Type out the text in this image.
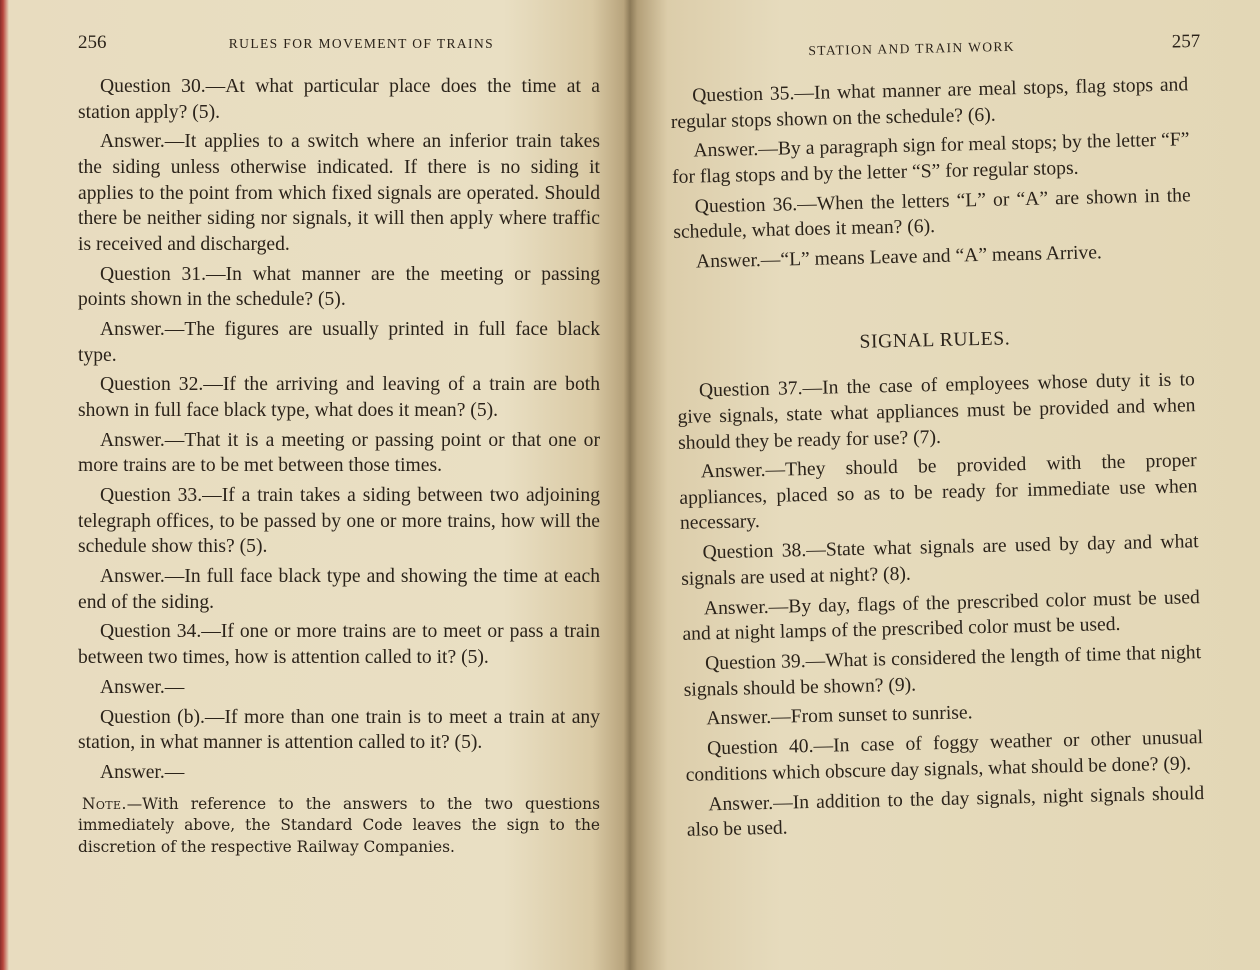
256	RULES FOR MOVEMENT OF TRAINS

Question 30.—At what particular place does the time at a station apply? (5).

Answer.—It applies to a switch where an inferior train takes the siding unless otherwise indicated. If there is no siding it applies to the point from which fixed signals are operated. Should there be neither siding nor signals, it will then apply where traffic is received and discharged.

Question 31.—In what manner are the meeting or passing points shown in the schedule? (5).

Answer.—The figures are usually printed in full face black type.

Question 32.—If the arriving and leaving of a train are both shown in full face black type, what does it mean? (5).

Answer.—That it is a meeting or passing point or that one or more trains are to be met between those times.

Question 33.—If a train takes a siding between two adjoining telegraph offices, to be passed by one or more trains, how will the schedule show this? (5).

Answer.—In full face black type and showing the time at each end of the siding.

Question 34.—If one or more trains are to meet or pass a train between two times, how is attention called to it? (5).

Answer.—

Question (b).—If more than one train is to meet a train at any station, in what manner is attention called to it? (5).

Answer.—

Note.—With reference to the answers to the two questions immediately above, the Standard Code leaves the sign to the discretion of the respective Railway Companies.
STATION AND TRAIN WORK	257

Question 35.—In what manner are meal stops, flag stops and regular stops shown on the schedule? (6).

Answer.—By a paragraph sign for meal stops; by the letter “F” for flag stops and by the letter “S” for regular stops.

Question 36.—When the letters “L” or “A” are shown in the schedule, what does it mean? (6).

Answer.—“L” means Leave and “A” means Arrive.

SIGNAL RULES.

Question 37.—In the case of employees whose duty it is to give signals, state what appliances must be provided and when should they be ready for use? (7).

Answer.—They should be provided with the proper appliances, placed so as to be ready for immediate use when necessary.

Question 38.—State what signals are used by day and what signals are used at night? (8).

Answer.—By day, flags of the prescribed color must be used and at night lamps of the prescribed color must be used.

Question 39.—What is considered the length of time that night signals should be shown? (9).

Answer.—From sunset to sunrise.

Question 40.—In case of foggy weather or other unusual conditions which obscure day signals, what should be done? (9).

Answer.—In addition to the day signals, night signals should also be used.
